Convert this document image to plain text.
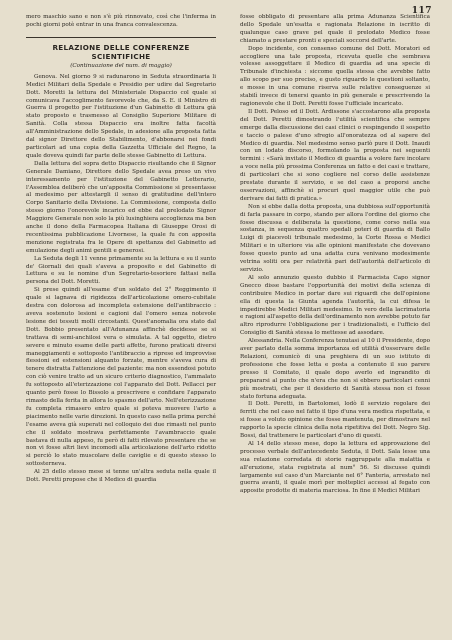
117

mero maschio sano e non s'è più rinnovato, così che l'inferma in pochi giorni potè entrar in una franca convalescenza.

RELAZIONE DELLE CONFERENZE SCIENTIFICHE
(Continuazione del num. di maggio)

Genova. Nel giorno 9 si radunarono in Seduta straordinaria li Medici Militari della Spedale e Presidio per udire dal Segretario Dott. Moretti la lettura del Ministeriale Dispaccio col quale si comunicava l'accoglimento favorevole che, da S. E. il Ministro di Guerra il progetto per l'istituzione d'un Gabinetto di Lettura già stato proposto e trasmesso al Consiglio Superiore Militare di Sanità. Colla stessa Dispaccio era inoltre fatta facoltà all'Amministrazione dello Spedale, in adesione alla proposta fatta dal signor Direttore dello Stabilimento, d'abbonarsi nei fondi particolari ad una copia della Gazzetta Ufficiale del Regno, la quale doveva quindi far parte delle stesse Gabinetto di Lettura.

Dalla lettura del sopra detto Dispaccio risultando che il Signor Generale Damiano, Direttore dello Spedale avea preso un vivo interessamento per l'istituzione del Gabinetto Letterario, l'Assemblea deliberò che un'apposita Commissione si presentasse al medesimo per attestargli il senso di gratitudine dell'intero Corpo Sanitario della Divisione. La Commissione, composta dello stesso giorno l'onorevole incarico ed ebbe dal prelodato Signor Maggiore Generale non solo la più lusinghiera accoglienza ma ben anche il dono della Farmacopea Italiana di Giuseppe Orosi di recentissima pubblicazione Livornese, la quale fu con apposita menzione registrata fra le Opere di spettanza del Gabinetto ad emulazione degli animi gentili e generosi.

La Seduta degli 11 venne primamente su la lettura e su il sunto de' Giornali dei quali s'aveva a proposito e del Gabinetto di Lettura e su le nomine d'un Segretario-tesoriere fattasi nella persona del Dott. Moretti.

Si prese quindi all'esame d'un soldato del 2° Reggimento il quale si lagnava di rigidezza dell'articolazione omero-cubitale destra con dolorosa ad incompleta estensione dell'antibraccio : aveva sostenuto lesioni e cagioni dal l'omero senza notevole lesione dei tessuti molli circostanti. Quest'anomalia ora stato dal Dott. Bobbio presentato all'Adunanza affinchè decidesse se si trattava di semi-anchilosi vera o simulata. A tal oggetto, dietro severe e minuto esame delle parti affette, furono praticati diversi maneggiamenti e sottoposto l'antibraccio a riprese ed improvvise flessioni ed estensioni alquanto forzate, mentre s'aveva cura di tenere distratta l'attenzione del paziente: ma non essendosi potuto con ciò venire tratto ad un sicuro criterio diagnostico, l'ammalato fu sottoposto all'eterizzazione col l'apparato del Dott. Pellacci per quanto però fosse lo Bissolo a prescrivere e confidare l'apparato rimasto della ferita in allora lo spasmo dell'arto. Nell'eterizzazione fu completa rimasero entro quale si poteva muovere l'arto a piacimento nelle varie direzioni. In questo caso nella prima perché l'esame aveva già superati nel colloquio dei due rimasti nel punto che il soldato mostrava perfettamente l'avambraccio quale bastava di nulla appeso, fu però di fatti rilevato presentare che se non vi fosse altri lievi incomodi alla articolazione dell'arto ridotto si perciò lo stato muscolare delle caviglie e di questo stesso lo sottosterneva.

Al 25 dello stesso mese si tenne un'altra seduta nella quale il Dott. Peretti propose che il Medico di guardia

fosse obbligato di presentare alla prima Adunanza Scientifica dello Spedale un'esatta e ragionata Relazione in iscritto di qualunque caso grave pel quale il prelodato Medico fosse chiamato a prestare pronti e speciali soccorsi dell'arte.

Dopo incidente, con consenso comune del Dott. Moratori ed accogliere una tale proposta, ricevuta quelle che sembrava volesse assoggettare il Medico di guardia ad una specie di Tribunale d'inchiesta : siccome quella stessa che avrebbe fatto allo scopo per suo preciso, e gusto riguardo le questioni soltanto, e mosse in una comune riserva sulle relative conseguenze si stabilì invece di tenersi quanto in più generale e prescrivendo la ragionevole che il Dott. Peretti fosse l'ufficiale incaricato.

Il Dott. Peloso ed il Dott. Ardissone s'accostarono alla proposta del Dott. Peretti dimostrando l'utilità scientifica che sempre emerge dalla discussione dei casi clinici o respingendo il sospetto e taccio o palese d'uno sfregio all'onoratezza od al sapere del Medico di guardia. Nel medesimo senso parlò pure il Dott. Inaudi con un lodato discorso, formolando la proposta nei seguenti termini : «Sarà invitato il Medico di guardia a volere fare incolare a voce nella più prossima Conferenza un fatto e dei casi e trattare, di particolari che si sono cogliere nel corso delle assistenze prestate durante il servizio, e se del caso a proporsi anche osservazioni, affinchè si procuri quel maggior utile che può derivare dai fatti di pratica.»

Non si ebbe dalla dotta proposta, una dubbiosa sull'opportunità di farla passare in corpo, stando per allora l'ordine del giorno che fosse discussa e deliberata la questione, come corso nella sua sostanza, in sequenza quattro spedali poteri di guardia di Ballo Luigi di piacevoli tribunale medesimo, la Corte Rossa e Medici Militari e in ulteriore via alle opinioni manifestate che dovevano fosse questo punto ad una adatta cura venivano modesimente vetrina soliti ora per relatività pari dell'autorità dell'articolo di servizio.

Al solo annunzio questo dubbio il Farmacista Capo signor Gnecco disse bastare l'opportunità dei motivi della scienza di contribuire Medico in portar dare sui riguardi che dell'opinione ella di questa la Giunta agenda l'autorità, la cui difesa le impedirebbe Medici Militari medesimo. In vero della lacrimatoria e ragioni all'aspetto della dell'ordinamento non avrebbe potuto far altro riprodurre l'obbligazione per i tradizionalisti, e l'ufficio del Consiglio di Sanità stessa lo mettesse ad assodare.

Alessandria. Nella Conferenza tenutasi al 10 il Presidente, dopo aver parlato della somma importanza ed utilità d'osservare delle Relazioni, comunicò di una preghiera di un suo istituto di professione che fosse letta e posta a contenuto il suo parere presso il Comitato, il quale dopo averlo ed ingrandito di prepararsi al punto che n'era che non si ebbero particolari cenni più mostrati, che per il desiderio di Sanità stessa non ci fosse stato fortuna adeguata.

Il Dott. Peretti, in Bartolomei, lodò il servizio regolare dei ferriti che nel caso nel fatto il tipo d'una vera medica rispettata, e si fosse a voluto opinione che fosse mantenuta, per dimostrare nel rapporto la specie clinica della nota ripetitiva del Dott. Negro Sig. Bossi, dal trattenere le particolari d'uno di questi.

Al 14 dello stesso mese, dopo la lettura ed approvazione del processo verbale dell'antecedente Seduta, il Dott. Sala lesse una sua relazione corredata di storie raggruppate alla malattia e all'eruzione, stata registrata al num° 56. Si discusse quindi largamente sul caso d'un Marciante nel 6° Fanteria, arrestato nel guerra avanti, il quale morì per molteplici accessi al fegato con apposite prodotte di materia marciosa. In fine il Medici Militari
